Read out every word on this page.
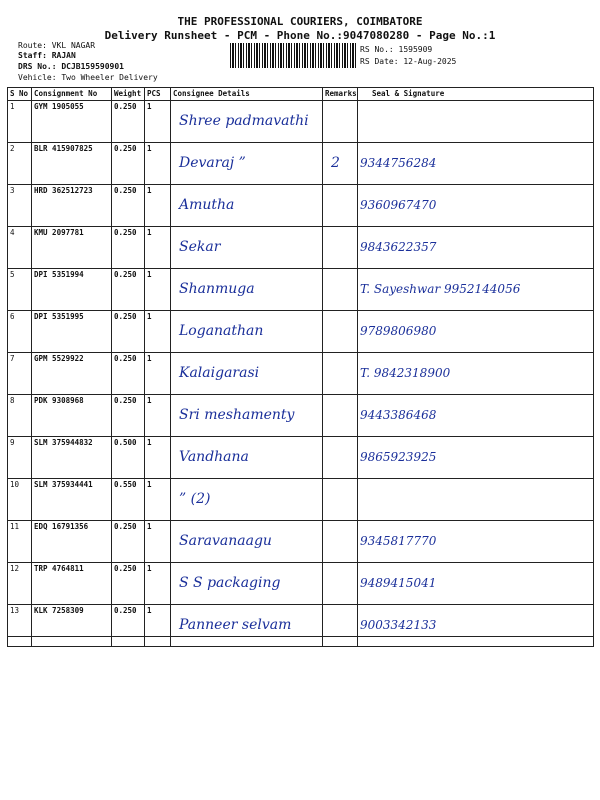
THE PROFESSIONAL COURIERS, COIMBATORE
Delivery Runsheet - PCM - Phone No.:9047080280 - Page No.:1
Route: VKL NAGAR
Staff: RAJAN
DRS No.: DCJB159590901
Vehicle: Two Wheeler Delivery
RS No.: 1595909
RS Date: 12-Aug-2025
S No	Consignment No	Weight	PCS	Consignee Details	Remarks	Seal & Signature
1	GYM 1905055	0.250	1	Shree padmavathi		

2	BLR 415907825	0.250	1	Devaraj ”	2	9344756284

3	HRD 362512723	0.250	1	Amutha		9360967470

4	KMU 2097781	0.250	1	Sekar		9843622357

5	DPI 5351994	0.250	1	Shanmuga		T. Sayeshwar 9952144056

6	DPI 5351995	0.250	1	Loganathan		9789806980

7	GPM 5529922	0.250	1	Kalaigarasi		T. 9842318900

8	PDK 9308968	0.250	1	Sri meshamenty		9443386468

9	SLM 375944832	0.500	1	Vandhana		9865923925

10	SLM 375934441	0.550	1	” (2)		

11	EDQ 16791356	0.250	1	Saravanaagu		9345817770

12	TRP 4764811	0.250	1	S S packaging		9489415041

13	KLK 7258309	0.250	1	Panneer selvam		9003342133
